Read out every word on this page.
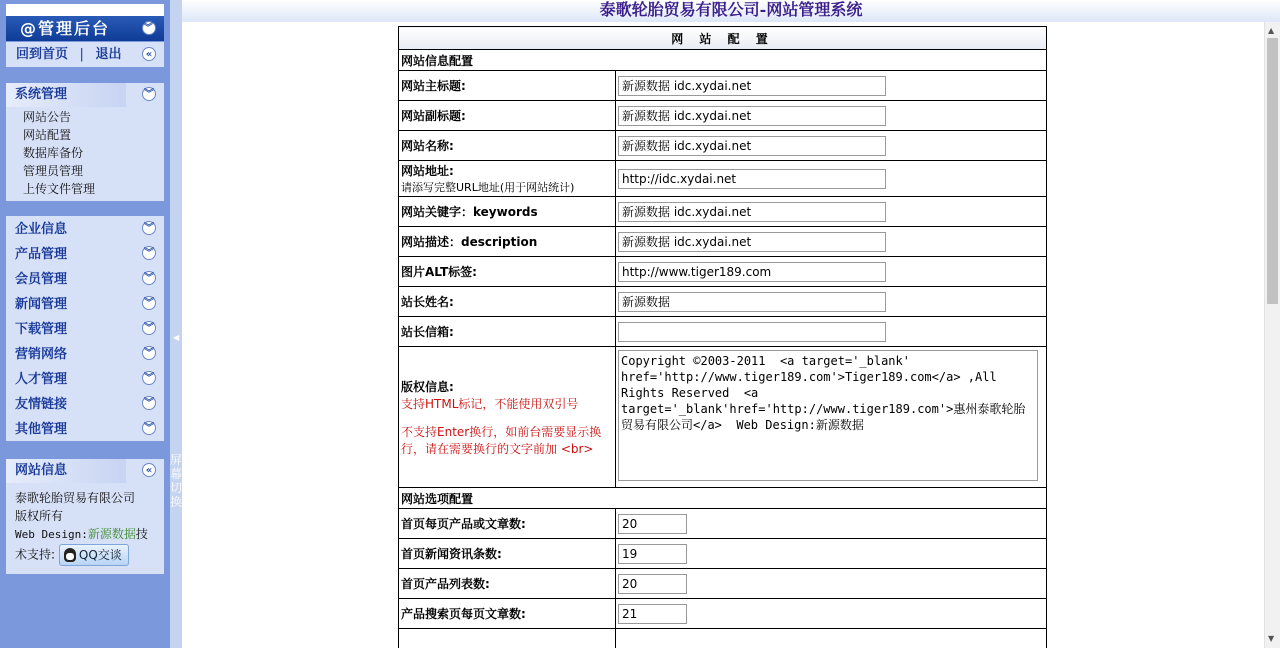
@管理后台	︾
回到首页 | 退出	«
系统管理	︾
网站公告
网站配置
数据库备份
管理员管理
上传文件管理
企业信息	︾
产品管理	︾
会员管理	︾
新闻管理	︾
下载管理	︾
营销网络	︾
人才管理	︾
友情链接	︾
其他管理	︾
网站信息	«
泰歌轮胎贸易有限公司
版权所有
Web Design:新源数据技
术支持: QQ交谈
◀
屏幕切换
泰歌轮胎贸易有限公司-网站管理系统
网 站 配 置	
网站信息配置	
网站主标题:	新源数据 idc.xydai.net
网站副标题:	新源数据 idc.xydai.net
网站名称:	新源数据 idc.xydai.net
网站地址:
请添写完整URL地址(用于网站统计)
	http://idc.xydai.net
网站关键字：keywords	新源数据 idc.xydai.net
网站描述：description	新源数据 idc.xydai.net
图片ALT标签:	http://www.tiger189.com
站长姓名:	新源数据
站长信箱:	
版权信息:
支持HTML标记，不能使用双引号
不支持Enter换行，如前台需要显示换行，请在需要换行的文字前加 <br>
	Copyright ©2003-2011 <a target='_blank' href='http://www.tiger189.com'>Tiger189.com</a> ,All Rights Reserved <a target='_blank'href='http://www.tiger189.com'>惠州泰歌轮胎贸易有限公司</a> Web Design:新源数据
网站选项配置	
首页每页产品或文章数:	20
首页新闻资讯条数:	19
首页产品列表数:	20
产品搜索页每页文章数:	21

▲
▼
